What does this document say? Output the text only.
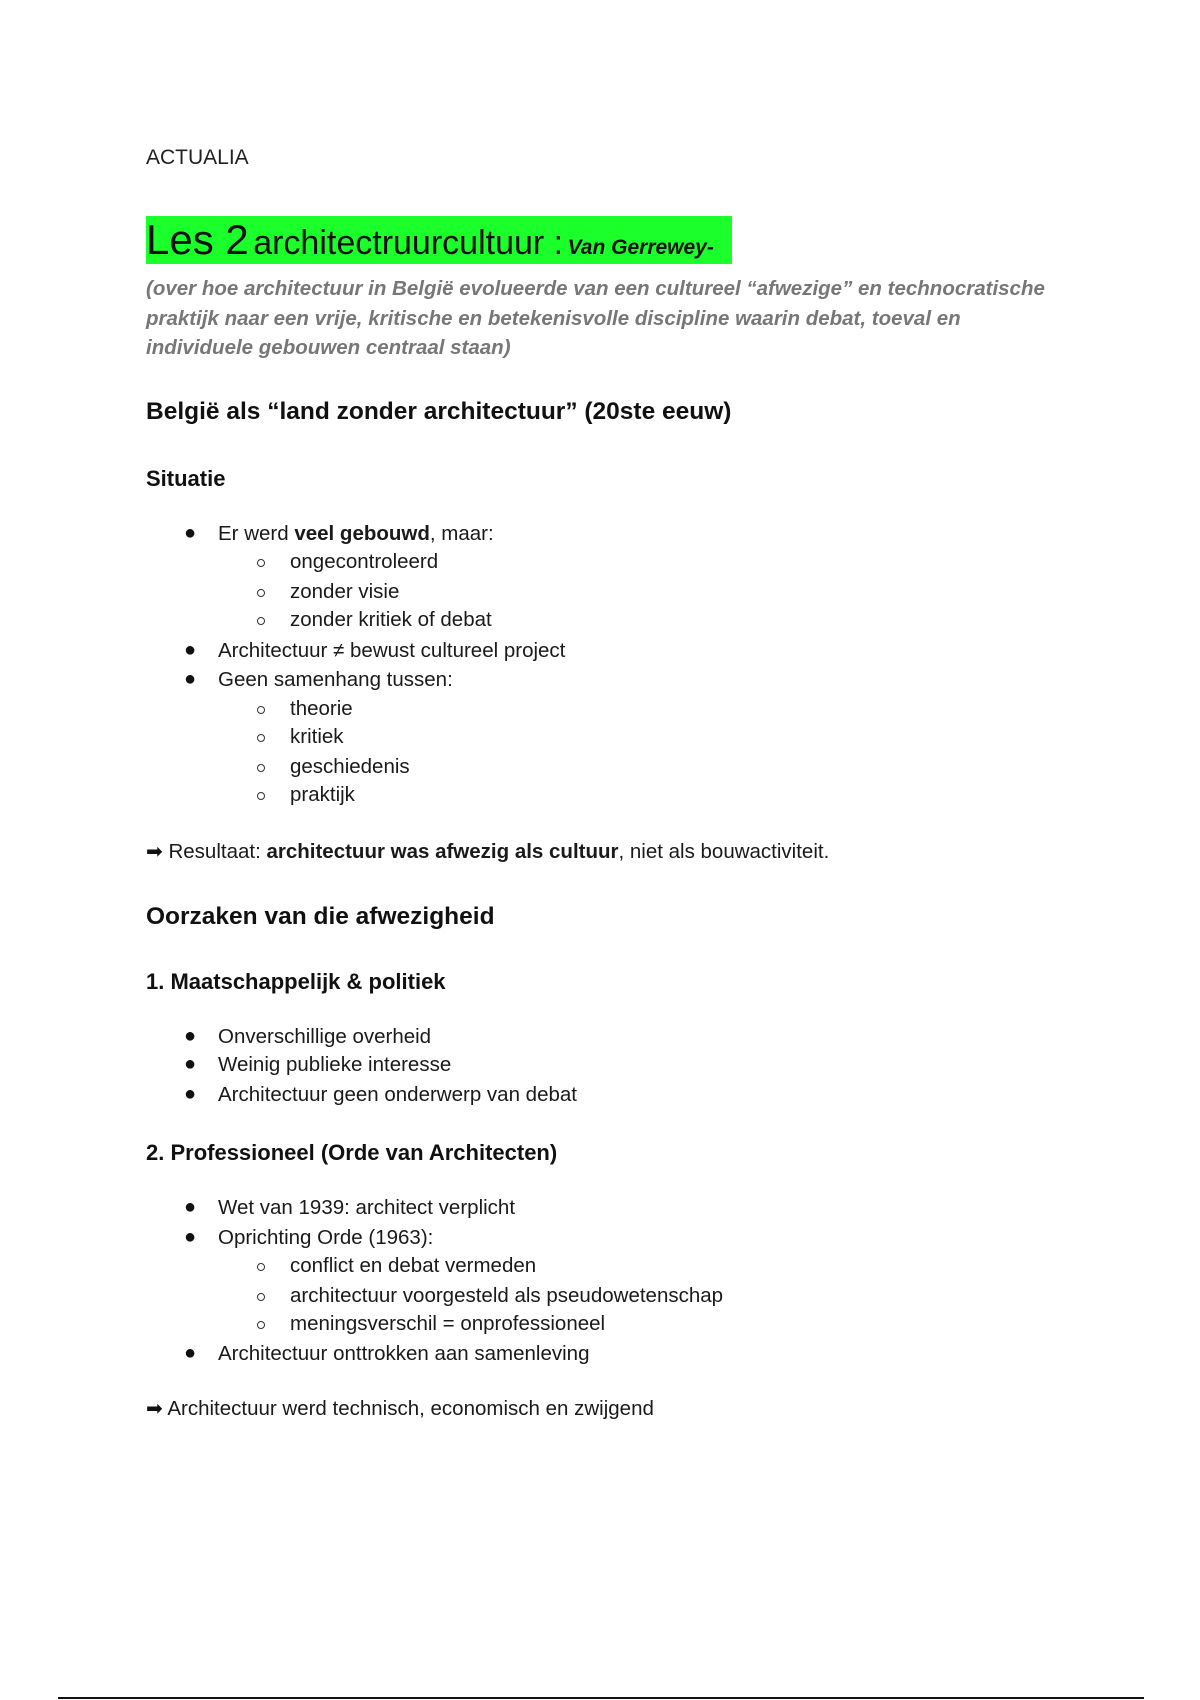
ACTUALIA
Les 2 architectruurcultuur : Van Gerrewey-
(over hoe architectuur in België evolueerde van een cultureel “afwezige” en technocratische praktijk naar een vrije, kritische en betekenisvolle discipline waarin debat, toeval en individuele gebouwen centraal staan)
België als “land zonder architectuur” (20ste eeuw)
Situatie
● Er werd veel gebouwd, maar:
ongecontroleerd
zonder visie
zonder kritiek of debat
● Architectuur ≠ bewust cultureel project
● Geen samenhang tussen:
theorie
kritiek
geschiedenis
praktijk
➡ Resultaat: architectuur was afwezig als cultuur, niet als bouwactiviteit.
Oorzaken van die afwezigheid
1. Maatschappelijk & politiek
● Onverschillige overheid
● Weinig publieke interesse
● Architectuur geen onderwerp van debat
2. Professioneel (Orde van Architecten)
● Wet van 1939: architect verplicht
● Oprichting Orde (1963):
conflict en debat vermeden
architectuur voorgesteld als pseudowetenschap
meningsverschil = onprofessioneel
● Architectuur onttrokken aan samenleving
➡ Architectuur werd technisch, economisch en zwijgend
